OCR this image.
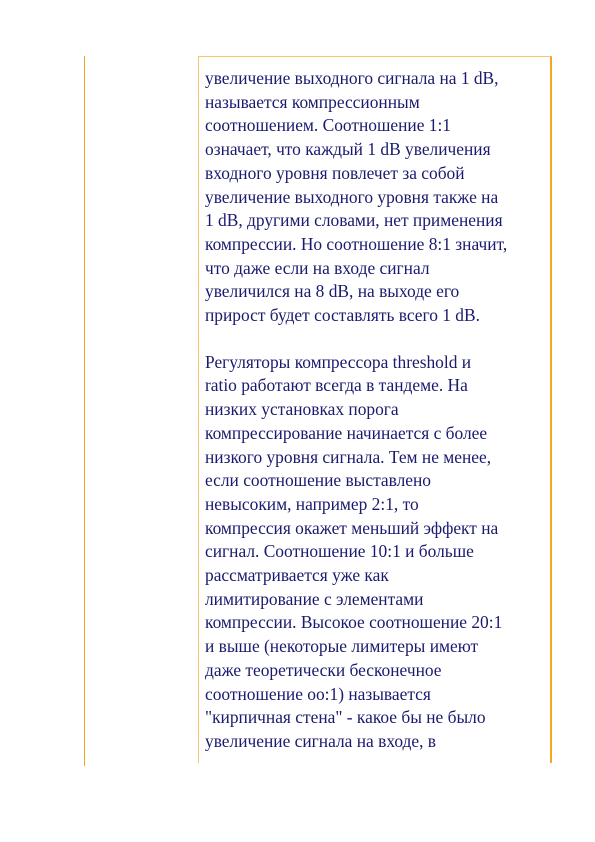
увеличение выходного сигнала на 1 dB,
называется компрессионным
соотношением. Соотношение 1:1
означает, что каждый 1 dB увеличения
входного уровня повлечет за собой
увеличение выходного уровня также на
1 dB, другими словами, нет применения
компрессии. Но соотношение 8:1 значит,
что даже если на входе сигнал
увеличился на 8 dB, на выходе его
прирост будет составлять всего 1 dB.

Регуляторы компрессора threshold и
ratio работают всегда в тандеме. На
низких установках порога
компрессирование начинается с более
низкого уровня сигнала. Тем не менее,
если соотношение выставлено
невысоким, например 2:1, то
компрессия окажет меньший эффект на
сигнал. Соотношение 10:1 и больше
рассматривается уже как
лимитирование с элементами
компрессии. Высокое соотношение 20:1
и выше (некоторые лимитеры имеют
даже теоретически бесконечное
соотношение оо:1) называется
"кирпичная стена" - какое бы не было
увеличение сигнала на входе, в
